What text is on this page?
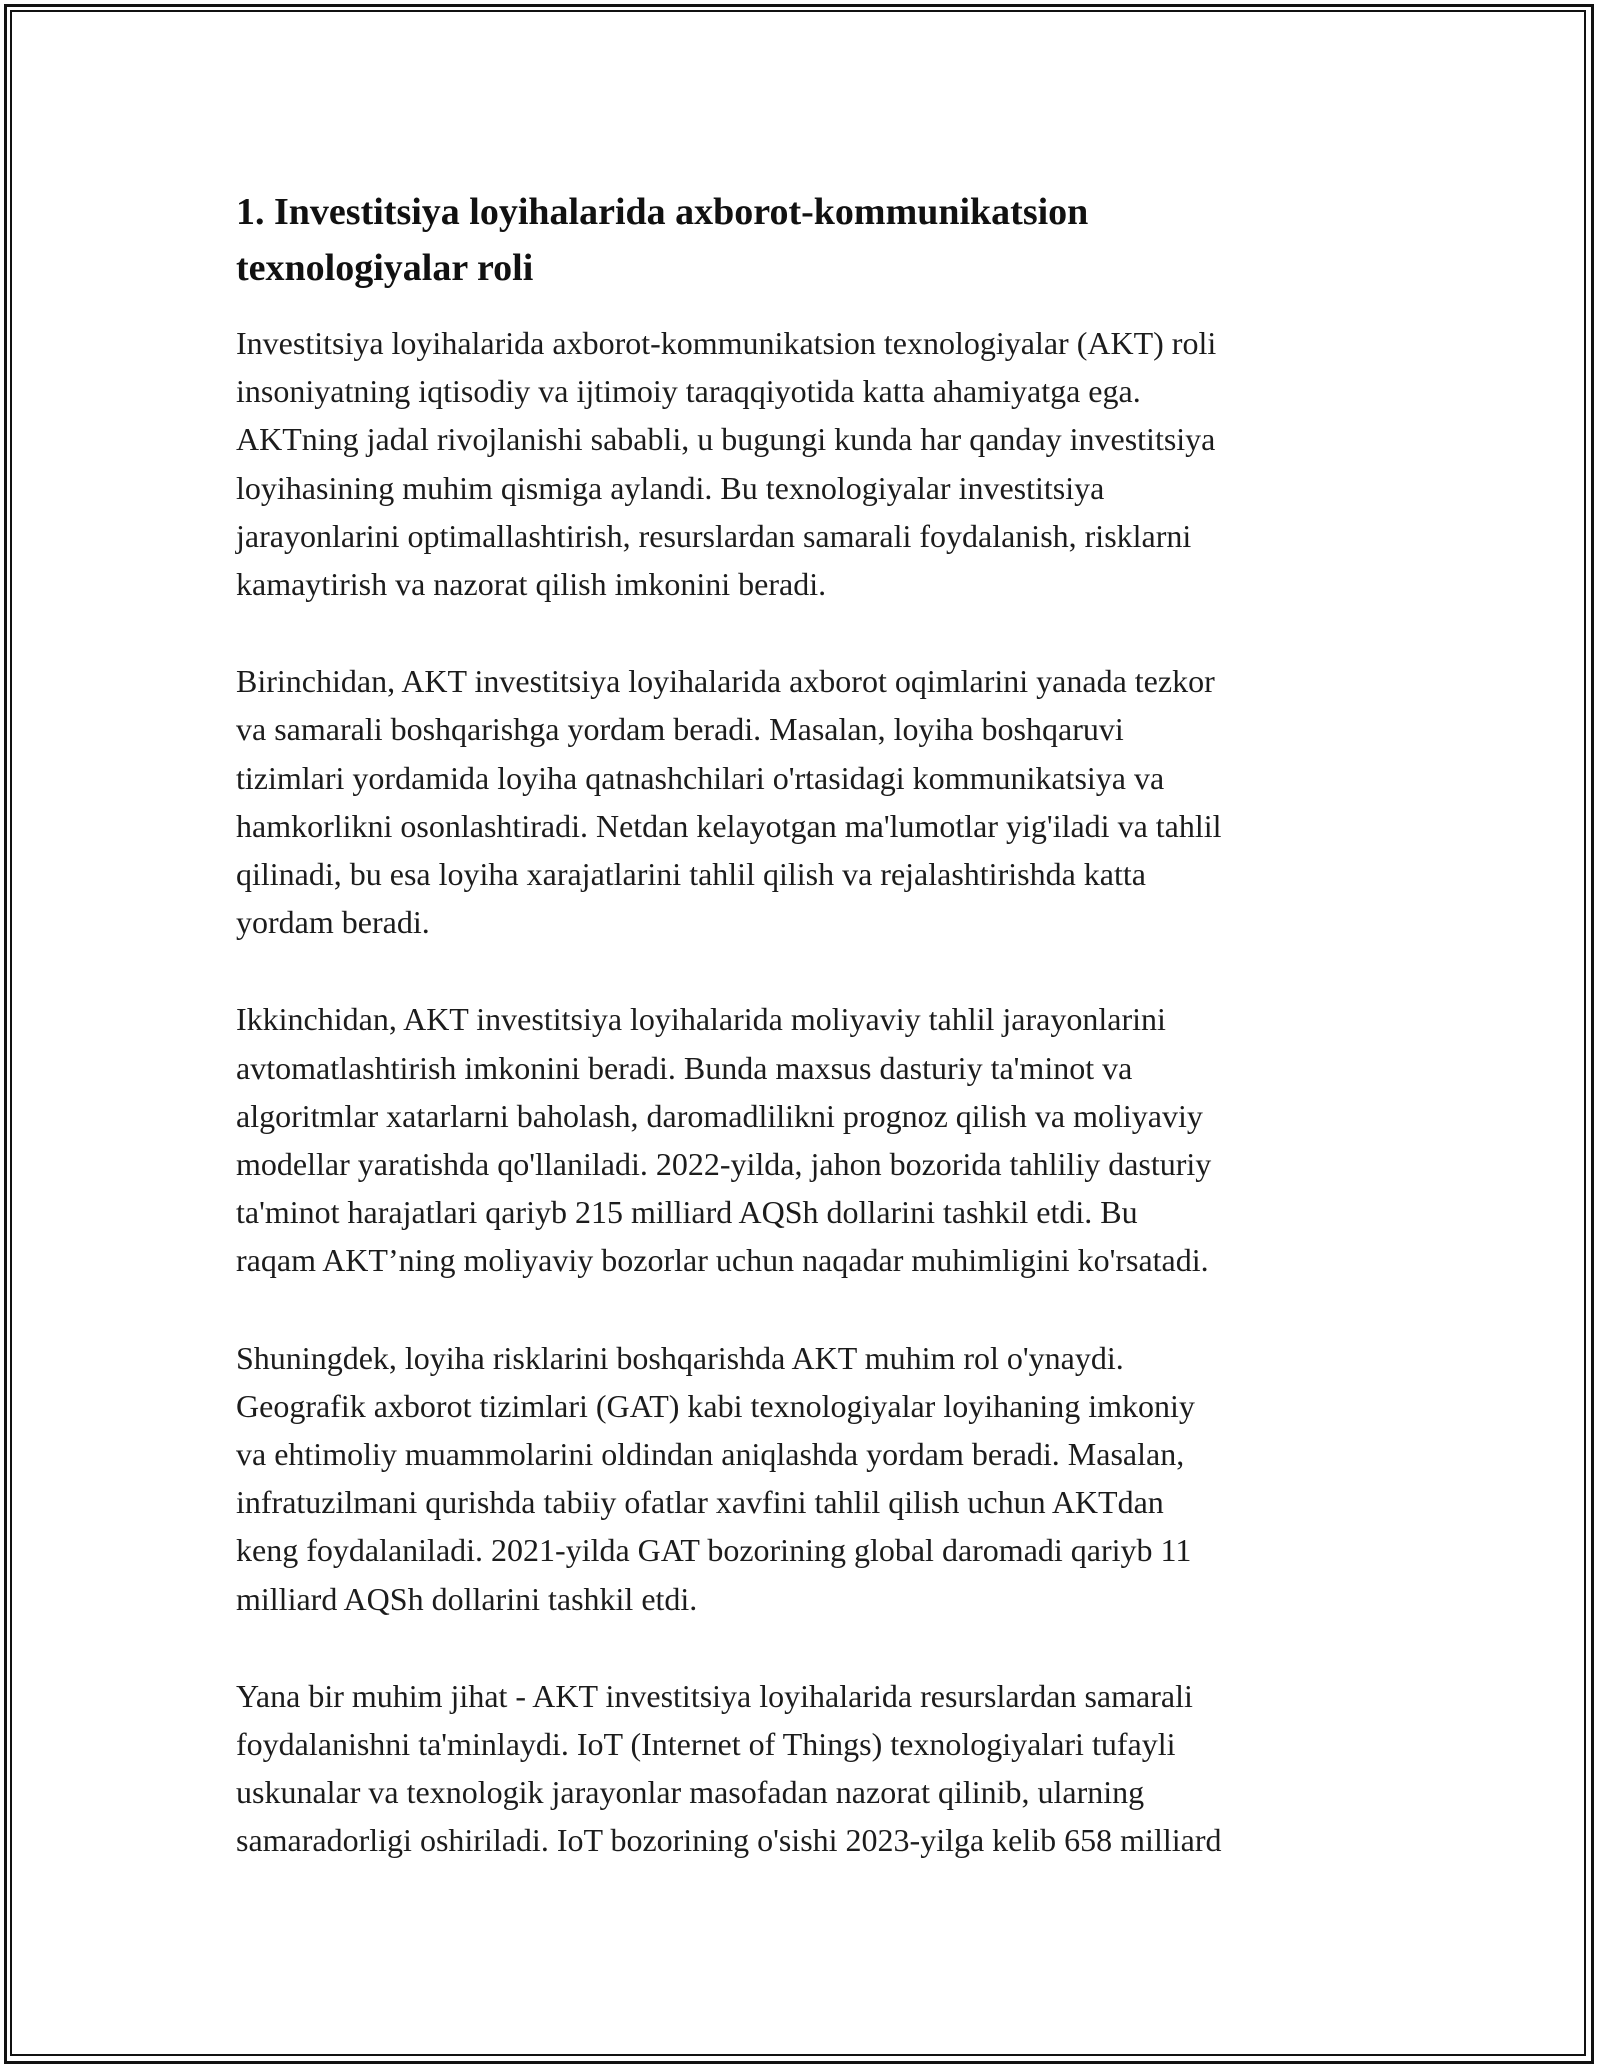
1. Investitsiya loyihalarida axborot-kommunikatsion
texnologiyalar roli

Investitsiya loyihalarida axborot-kommunikatsion texnologiyalar (AKT) roli
insoniyatning iqtisodiy va ijtimoiy taraqqiyotida katta ahamiyatga ega.
AKTning jadal rivojlanishi sababli, u bugungi kunda har qanday investitsiya
loyihasining muhim qismiga aylandi. Bu texnologiyalar investitsiya
jarayonlarini optimallashtirish, resurslardan samarali foydalanish, risklarni
kamaytirish va nazorat qilish imkonini beradi.

Birinchidan, AKT investitsiya loyihalarida axborot oqimlarini yanada tezkor
va samarali boshqarishga yordam beradi. Masalan, loyiha boshqaruvi
tizimlari yordamida loyiha qatnashchilari o'rtasidagi kommunikatsiya va
hamkorlikni osonlashtiradi. Netdan kelayotgan ma'lumotlar yig'iladi va tahlil
qilinadi, bu esa loyiha xarajatlarini tahlil qilish va rejalashtirishda katta
yordam beradi.

Ikkinchidan, AKT investitsiya loyihalarida moliyaviy tahlil jarayonlarini
avtomatlashtirish imkonini beradi. Bunda maxsus dasturiy ta'minot va
algoritmlar xatarlarni baholash, daromadlilikni prognoz qilish va moliyaviy
modellar yaratishda qo'llaniladi. 2022-yilda, jahon bozorida tahliliy dasturiy
ta'minot harajatlari qariyb 215 milliard AQSh dollarini tashkil etdi. Bu
raqam AKT’ning moliyaviy bozorlar uchun naqadar muhimligini ko'rsatadi.

Shuningdek, loyiha risklarini boshqarishda AKT muhim rol o'ynaydi.
Geografik axborot tizimlari (GAT) kabi texnologiyalar loyihaning imkoniy
va ehtimoliy muammolarini oldindan aniqlashda yordam beradi. Masalan,
infratuzilmani qurishda tabiiy ofatlar xavfini tahlil qilish uchun AKTdan
keng foydalaniladi. 2021-yilda GAT bozorining global daromadi qariyb 11
milliard AQSh dollarini tashkil etdi.

Yana bir muhim jihat - AKT investitsiya loyihalarida resurslardan samarali
foydalanishni ta'minlaydi. IoT (Internet of Things) texnologiyalari tufayli
uskunalar va texnologik jarayonlar masofadan nazorat qilinib, ularning
samaradorligi oshiriladi. IoT bozorining o'sishi 2023-yilga kelib 658 milliard
